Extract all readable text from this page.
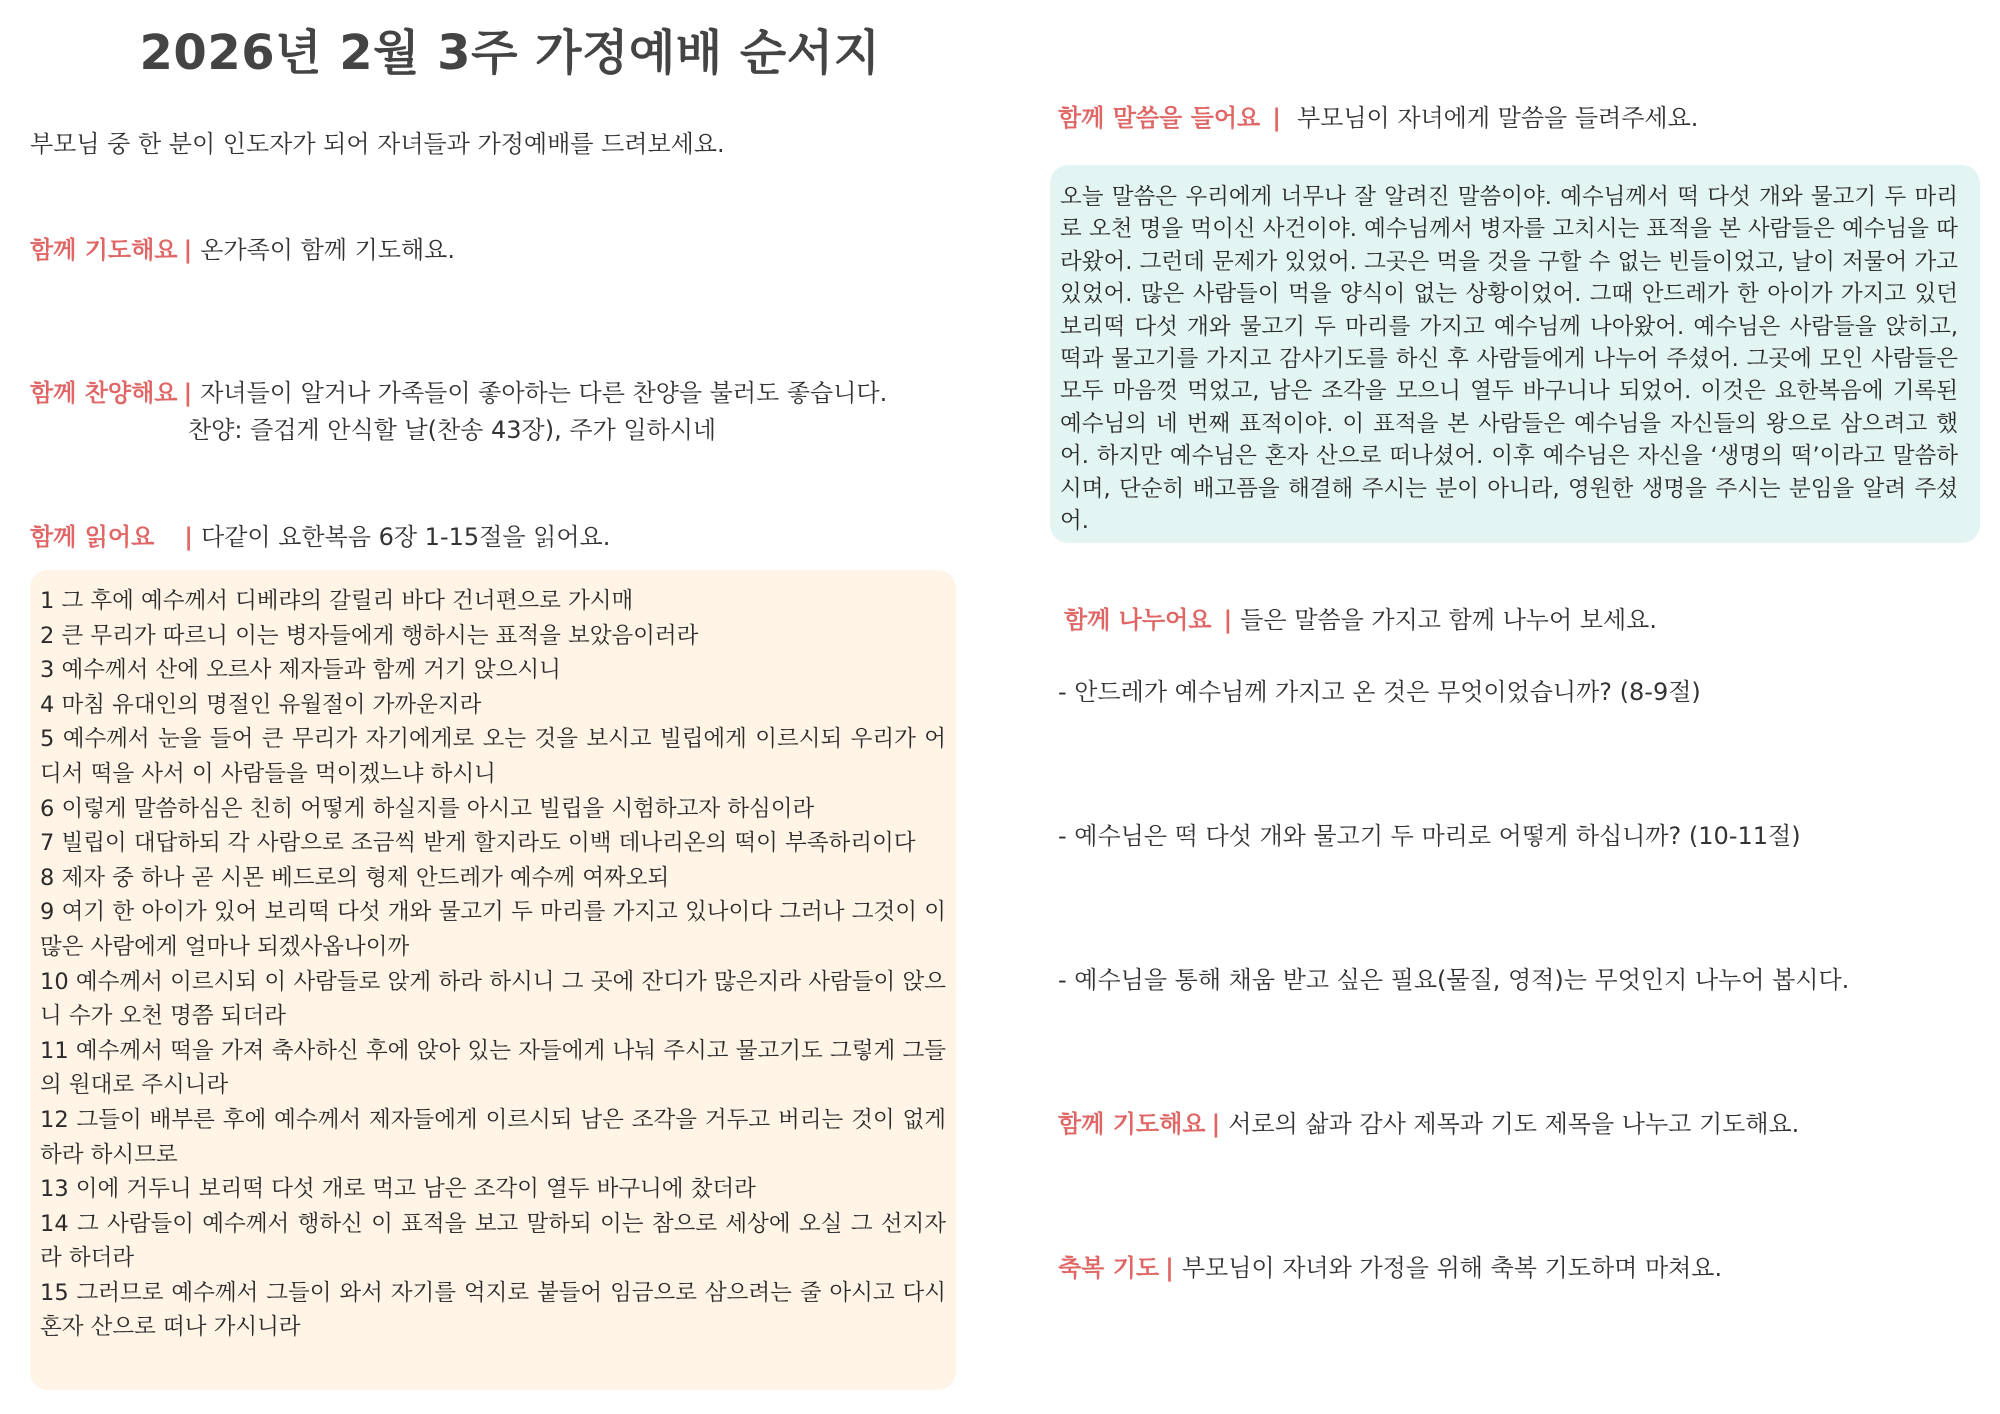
2026년 2월 3주 가정예배 순서지
부모님 중 한 분이 인도자가 되어 자녀들과 가정예배를 드려보세요.
함께 기도해요 | 온가족이 함께 기도해요.
함께 찬양해요 | 자녀들이 알거나 가족들이 좋아하는 다른 찬양을 불러도 좋습니다.
찬양: 즐겁게 안식할 날(찬송 43장), 주가 일하시네
함께 읽어요 | 다같이 요한복음 6장 1-15절을 읽어요.
1 그 후에 예수께서 디베랴의 갈릴리 바다 건너편으로 가시매
2 큰 무리가 따르니 이는 병자들에게 행하시는 표적을 보았음이러라
3 예수께서 산에 오르사 제자들과 함께 거기 앉으시니
4 마침 유대인의 명절인 유월절이 가까운지라
5 예수께서 눈을 들어 큰 무리가 자기에게로 오는 것을 보시고 빌립에게 이르시되 우리가 어디서 떡을 사서 이 사람들을 먹이겠느냐 하시니
6 이렇게 말씀하심은 친히 어떻게 하실지를 아시고 빌립을 시험하고자 하심이라
7 빌립이 대답하되 각 사람으로 조금씩 받게 할지라도 이백 데나리온의 떡이 부족하리이다
8 제자 중 하나 곧 시몬 베드로의 형제 안드레가 예수께 여짜오되
9 여기 한 아이가 있어 보리떡 다섯 개와 물고기 두 마리를 가지고 있나이다 그러나 그것이 이 많은 사람에게 얼마나 되겠사옵나이까
10 예수께서 이르시되 이 사람들로 앉게 하라 하시니 그 곳에 잔디가 많은지라 사람들이 앉으니 수가 오천 명쯤 되더라
11 예수께서 떡을 가져 축사하신 후에 앉아 있는 자들에게 나눠 주시고 물고기도 그렇게 그들의 원대로 주시니라
12 그들이 배부른 후에 예수께서 제자들에게 이르시되 남은 조각을 거두고 버리는 것이 없게 하라 하시므로
13 이에 거두니 보리떡 다섯 개로 먹고 남은 조각이 열두 바구니에 찼더라
14 그 사람들이 예수께서 행하신 이 표적을 보고 말하되 이는 참으로 세상에 오실 그 선지자라 하더라
15 그러므로 예수께서 그들이 와서 자기를 억지로 붙들어 임금으로 삼으려는 줄 아시고 다시 혼자 산으로 떠나 가시니라
함께 말씀을 들어요 | 부모님이 자녀에게 말씀을 들려주세요.

오늘 말씀은 우리에게 너무나 잘 알려진 말씀이야. 예수님께서 떡 다섯 개와 물고기 두 마리로 오천 명을 먹이신 사건이야. 예수님께서 병자를 고치시는 표적을 본 사람들은 예수님을 따라왔어. 그런데 문제가 있었어. 그곳은 먹을 것을 구할 수 없는 빈들이었고, 날이 저물어 가고 있었어. 많은 사람들이 먹을 양식이 없는 상황이었어. 그때 안드레가 한 아이가 가지고 있던 보리떡 다섯 개와 물고기 두 마리를 가지고 예수님께 나아왔어. 예수님은 사람들을 앉히고, 떡과 물고기를 가지고 감사기도를 하신 후 사람들에게 나누어 주셨어. 그곳에 모인 사람들은 모두 마음껏 먹었고, 남은 조각을 모으니 열두 바구니나 되었어. 이것은 요한복음에 기록된 예수님의 네 번째 표적이야. 이 표적을 본 사람들은 예수님을 자신들의 왕으로 삼으려고 했어. 하지만 예수님은 혼자 산으로 떠나셨어. 이후 예수님은 자신을 ‘생명의 떡’이라고 말씀하시며, 단순히 배고픔을 해결해 주시는 분이 아니라, 영원한 생명을 주시는 분임을 알려 주셨어.

함께 나누어요 | 들은 말씀을 가지고 함께 나누어 보세요.
- 안드레가 예수님께 가지고 온 것은 무엇이었습니까? (8-9절)
- 예수님은 떡 다섯 개와 물고기 두 마리로 어떻게 하십니까? (10-11절)
- 예수님을 통해 채움 받고 싶은 필요(물질, 영적)는 무엇인지 나누어 봅시다.
함께 기도해요 | 서로의 삶과 감사 제목과 기도 제목을 나누고 기도해요.
축복 기도 | 부모님이 자녀와 가정을 위해 축복 기도하며 마쳐요.
